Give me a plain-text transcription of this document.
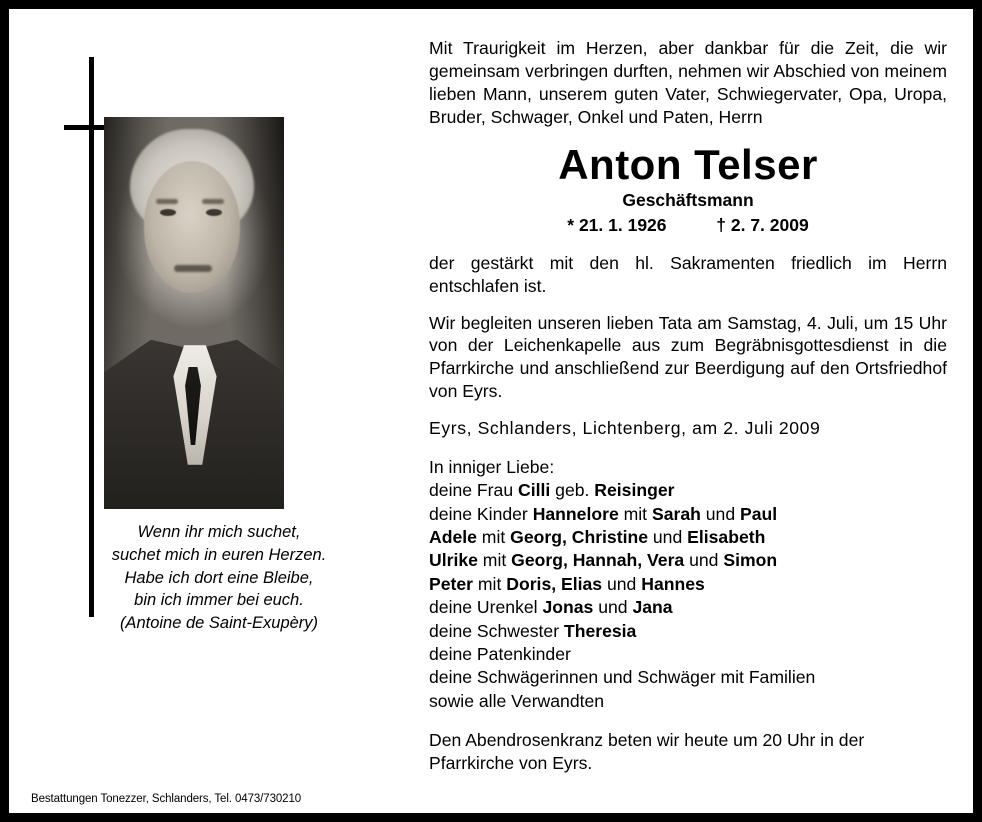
Wenn ihr mich suchet,
suchet mich in euren Herzen.
Habe ich dort eine Bleibe,
bin ich immer bei euch.
(Antoine de Saint-Exupèry)
Bestattungen Tonezzer, Schlanders, Tel. 0473/730210

Mit Traurigkeit im Herzen, aber dankbar für die Zeit, die wir gemeinsam verbringen durften, nehmen wir Abschied von meinem lieben Mann, unserem guten Vater, Schwiegervater, Opa, Uropa, Bruder, Schwager, Onkel und Paten, Herrn

Anton Telser
Geschäftsmann
* 21. 1. 1926	† 2. 7. 2009

der gestärkt mit den hl. Sakramenten friedlich im Herrn entschlafen ist.

Wir begleiten unseren lieben Tata am Samstag, 4. Juli, um 15 Uhr von der Leichenkapelle aus zum Begräbnisgottesdienst in die Pfarrkirche und anschließend zur Beerdigung auf den Ortsfriedhof von Eyrs.

Eyrs, Schlanders, Lichtenberg, am 2. Juli 2009

In inniger Liebe:

deine Frau Cilli geb. Reisinger
deine Kinder Hannelore mit Sarah und Paul
Adele mit Georg, Christine und Elisabeth
Ulrike mit Georg, Hannah, Vera und Simon
Peter mit Doris, Elias und Hannes
deine Urenkel Jonas und Jana
deine Schwester Theresia
deine Patenkinder
deine Schwägerinnen und Schwäger mit Familien
sowie alle Verwandten

Den Abendrosenkranz beten wir heute um 20 Uhr in der Pfarrkirche von Eyrs.
